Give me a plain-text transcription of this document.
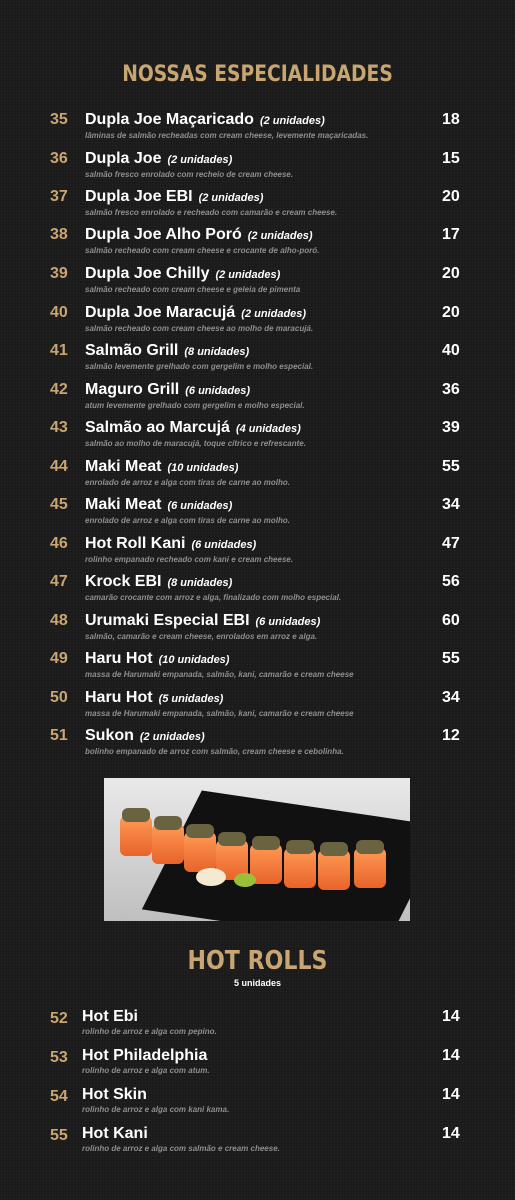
NOSSAS ESPECIALIDADES
35 Dupla Joe Maçaricado (2 unidades)
lâminas de salmão recheadas com cream cheese, levemente maçaricadas.
18
36 Dupla Joe (2 unidades)
salmão fresco enrolado com recheio de cream cheese.
15
37 Dupla Joe EBI (2 unidades)
salmão fresco enrolado e recheado com camarão e cream cheese.
20
38 Dupla Joe Alho Poró (2 unidades)
salmão recheado com cream cheese e crocante de alho-poró.
17
39 Dupla Joe Chilly (2 unidades)
salmão recheado com cream cheese e geleia de pimenta
20
40 Dupla Joe Maracujá (2 unidades)
salmão recheado com cream cheese ao molho de maracujá.
20
41 Salmão Grill (8 unidades)
salmão levemente grelhado com gergelim e molho especial.
40
42 Maguro Grill (6 unidades)
atum levemente grelhado com gergelim e molho especial.
36
43 Salmão ao Marcujá (4 unidades)
salmão ao molho de maracujá, toque cítrico e refrescante.
39
44 Maki Meat (10 unidades)
enrolado de arroz e alga com tiras de carne ao molho.
55
45 Maki Meat (6 unidades)
enrolado de arroz e alga com tiras de carne ao molho.
34
46 Hot Roll Kani (6 unidades)
rolinho empanado recheado com kani e cream cheese.
47
47 Krock EBI (8 unidades)
camarão crocante com arroz e alga, finalizado com molho especial.
56
48 Urumaki Especial EBI (6 unidades)
salmão, camarão e cream cheese, enrolados em arroz e alga.
60
49 Haru Hot (10 unidades)
massa de Harumaki empanada, salmão, kani, camarão e cream cheese
55
50 Haru Hot (5 unidades)
massa de Harumaki empanada, salmão, kani, camarão e cream cheese
34
51 Sukon (2 unidades)
bolinho empanado de arroz com salmão, cream cheese e cebolinha.
12
HOT ROLLS
5 unidades
52 Hot Ebi
rolinho de arroz e alga com pepino.
14
53 Hot Philadelphia
rolinho de arroz e alga com atum.
14
54 Hot Skin
rolinho de arroz e alga com kani kama.
14
55 Hot Kani
rolinho de arroz e alga com salmão e cream cheese.
14
